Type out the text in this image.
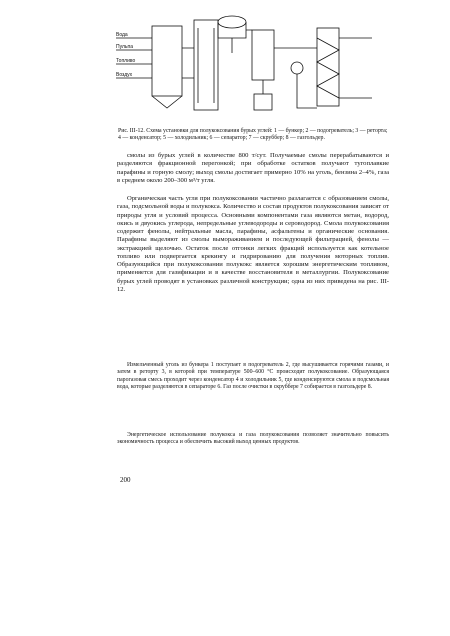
Вода
Пульпа
Топливо
Воздух
Рис. III-12. Схема установки для полукоксования бурых углей: 1 — бункер; 2 — подогреватель; 3 — реторта; 4 — конденсатор; 5 — холодильник; 6 — сепаратор; 7 — скруббер; 8 — газгольдер.

смолы из бурых углей в количестве 800 т/сут. Получаемые смолы перерабатываются и разделяются фракционной перегонкой; при обработке остатков получают тугоплавкие парафины и горную смолу; выход смолы достигает примерно 10% на уголь, бензина 2–4%, газа в среднем около 200–300 м³/т угля.

Органическая часть угля при полукоксовании частично разлагается с образованием смолы, газа, подсмольной воды и полукокса. Количество и состав продуктов полукоксования зависят от природы угля и условий процесса. Основными компонентами газа являются метан, водород, окись и двуокись углерода, непредельные углеводороды и сероводород. Смола полукоксования содержит фенолы, нейтральные масла, парафины, асфальтены и органические основания. Парафины выделяют из смолы вымораживанием и последующей фильтрацией, фенолы — экстракцией щелочью. Остаток после отгонки легких фракций используется как котельное топливо или подвергается крекингу и гидрированию для получения моторных топлив. Образующийся при полукоксовании полукокс является хорошим энергетическим топливом, применяется для газификации и в качестве восстановителя в металлургии. Полукоксование бурых углей проводят в установках различной конструкции; одна из них приведена на рис. III-12.

Измельченный уголь из бункера 1 поступает в подогреватель 2, где высушивается горячими газами, и затем в реторту 3, в которой при температуре 500–600 °С происходит полукоксование. Образующаяся парогазовая смесь проходит через конденсатор 4 и холодильник 5, где конденсируются смола и подсмольная вода, которые разделяются в сепараторе 6. Газ после очистки в скруббере 7 собирается в газгольдере 8.

Энергетическое использование полукокса и газа полукоксования позволяет значительно повысить экономичность процесса и обеспечить высокий выход ценных продуктов.

200
